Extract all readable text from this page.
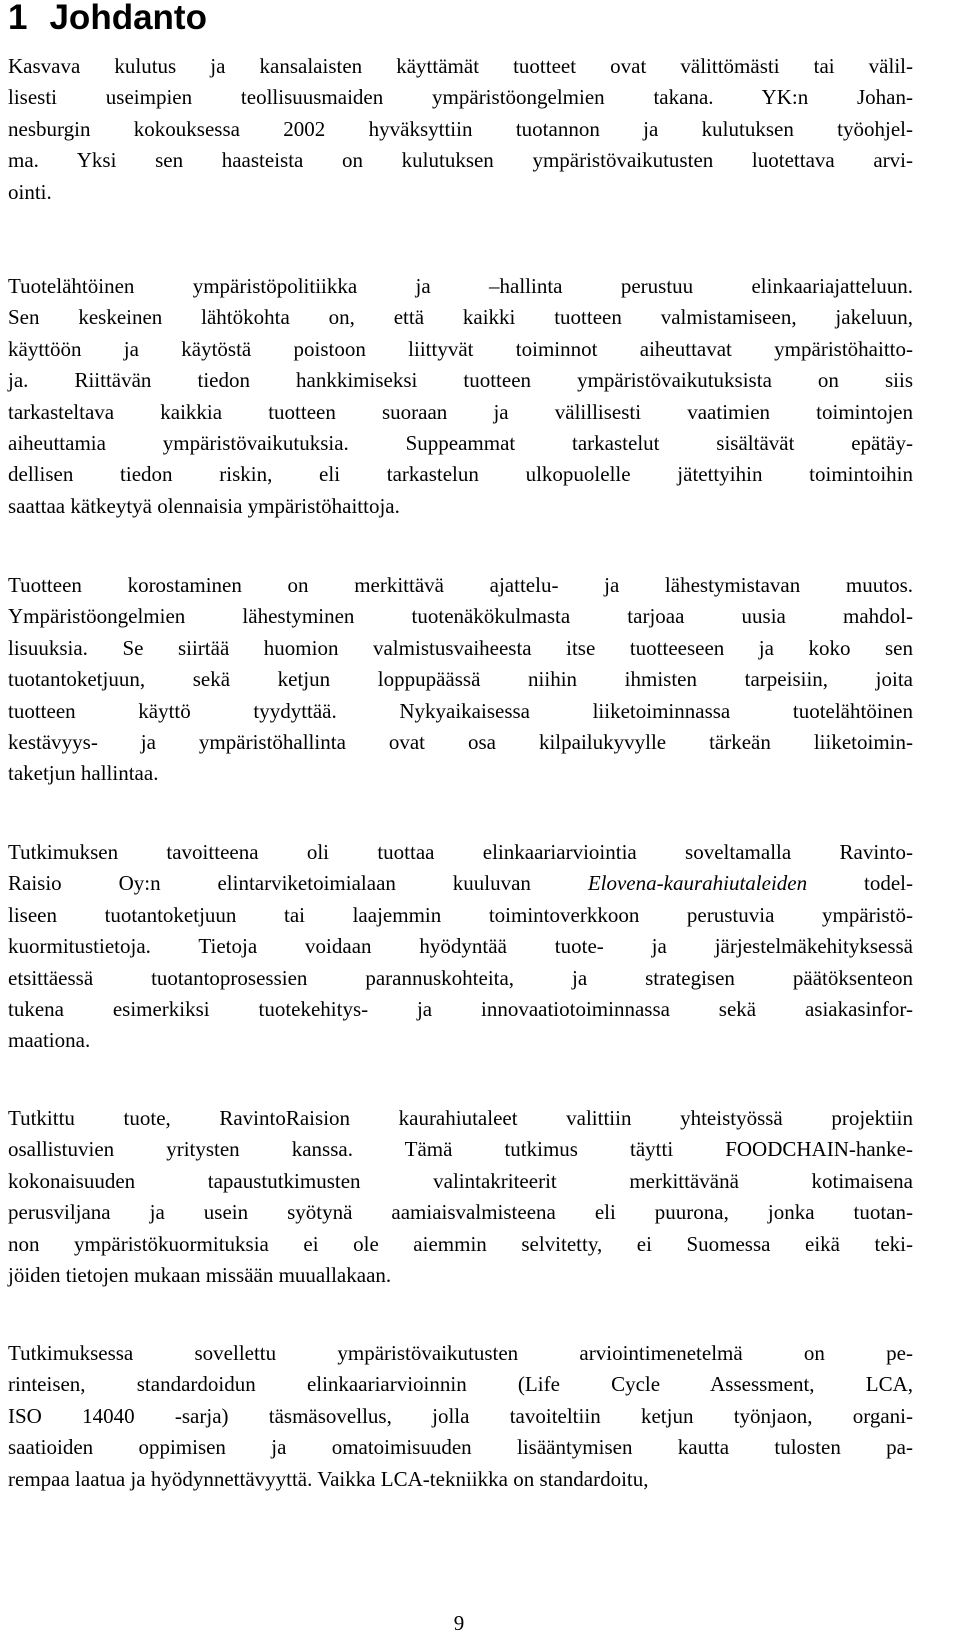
1 Johdanto

Kasvava kulutus ja kansalaisten käyttämät tuotteet ovat välittömästi tai välil-
lisesti useimpien teollisuusmaiden ympäristöongelmien takana. YK:n Johan-
nesburgin kokouksessa 2002 hyväksyttiin tuotannon ja kulutuksen työohjel-
ma. Yksi sen haasteista on kulutuksen ympäristövaikutusten luotettava arvi-
ointi.

Tuotelähtöinen ympäristöpolitiikka ja –hallinta perustuu elinkaariajatteluun.
Sen keskeinen lähtökohta on, että kaikki tuotteen valmistamiseen, jakeluun,
käyttöön ja käytöstä poistoon liittyvät toiminnot aiheuttavat ympäristöhaitto-
ja. Riittävän tiedon hankkimiseksi tuotteen ympäristövaikutuksista on siis
tarkasteltava kaikkia tuotteen suoraan ja välillisesti vaatimien toimintojen
aiheuttamia ympäristövaikutuksia. Suppeammat tarkastelut sisältävät epätäy-
dellisen tiedon riskin, eli tarkastelun ulkopuolelle jätettyihin toimintoihin
saattaa kätkeytyä olennaisia ympäristöhaittoja.

Tuotteen korostaminen on merkittävä ajattelu- ja lähestymistavan muutos.
Ympäristöongelmien lähestyminen tuotenäkökulmasta tarjoaa uusia mahdol-
lisuuksia. Se siirtää huomion valmistusvaiheesta itse tuotteeseen ja koko sen
tuotantoketjuun, sekä ketjun loppupäässä niihin ihmisten tarpeisiin, joita
tuotteen käyttö tyydyttää. Nykyaikaisessa liiketoiminnassa tuotelähtöinen
kestävyys- ja ympäristöhallinta ovat osa kilpailukyvylle tärkeän liiketoimin-
taketjun hallintaa.

Tutkimuksen tavoitteena oli tuottaa elinkaariarviointia soveltamalla Ravinto-
Raisio Oy:n elintarviketoimialaan kuuluvan Elovena-kaurahiutaleiden todel-
liseen tuotantoketjuun tai laajemmin toimintoverkkoon perustuvia ympäristö-
kuormitustietoja. Tietoja voidaan hyödyntää tuote- ja järjestelmäkehityksessä
etsittäessä tuotantoprosessien parannuskohteita, ja strategisen päätöksenteon
tukena esimerkiksi tuotekehitys- ja innovaatiotoiminnassa sekä asiakasinfor-
maationa.

Tutkittu tuote, RavintoRaision kaurahiutaleet valittiin yhteistyössä projektiin
osallistuvien yritysten kanssa. Tämä tutkimus täytti FOODCHAIN-hanke-
kokonaisuuden tapaustutkimusten valintakriteerit merkittävänä kotimaisena
perusviljana ja usein syötynä aamiaisvalmisteena eli puurona, jonka tuotan-
non ympäristökuormituksia ei ole aiemmin selvitetty, ei Suomessa eikä teki-
jöiden tietojen mukaan missään muuallakaan.

Tutkimuksessa sovellettu ympäristövaikutusten arviointimenetelmä on pe-
rinteisen, standardoidun elinkaariarvioinnin (Life Cycle Assessment, LCA,
ISO 14040 -sarja) täsmäsovellus, jolla tavoiteltiin ketjun työnjaon, organi-
saatioiden oppimisen ja omatoimisuuden lisääntymisen kautta tulosten pa-
rempaa laatua ja hyödynnettävyyttä. Vaikka LCA-tekniikka on standardoitu,

9
